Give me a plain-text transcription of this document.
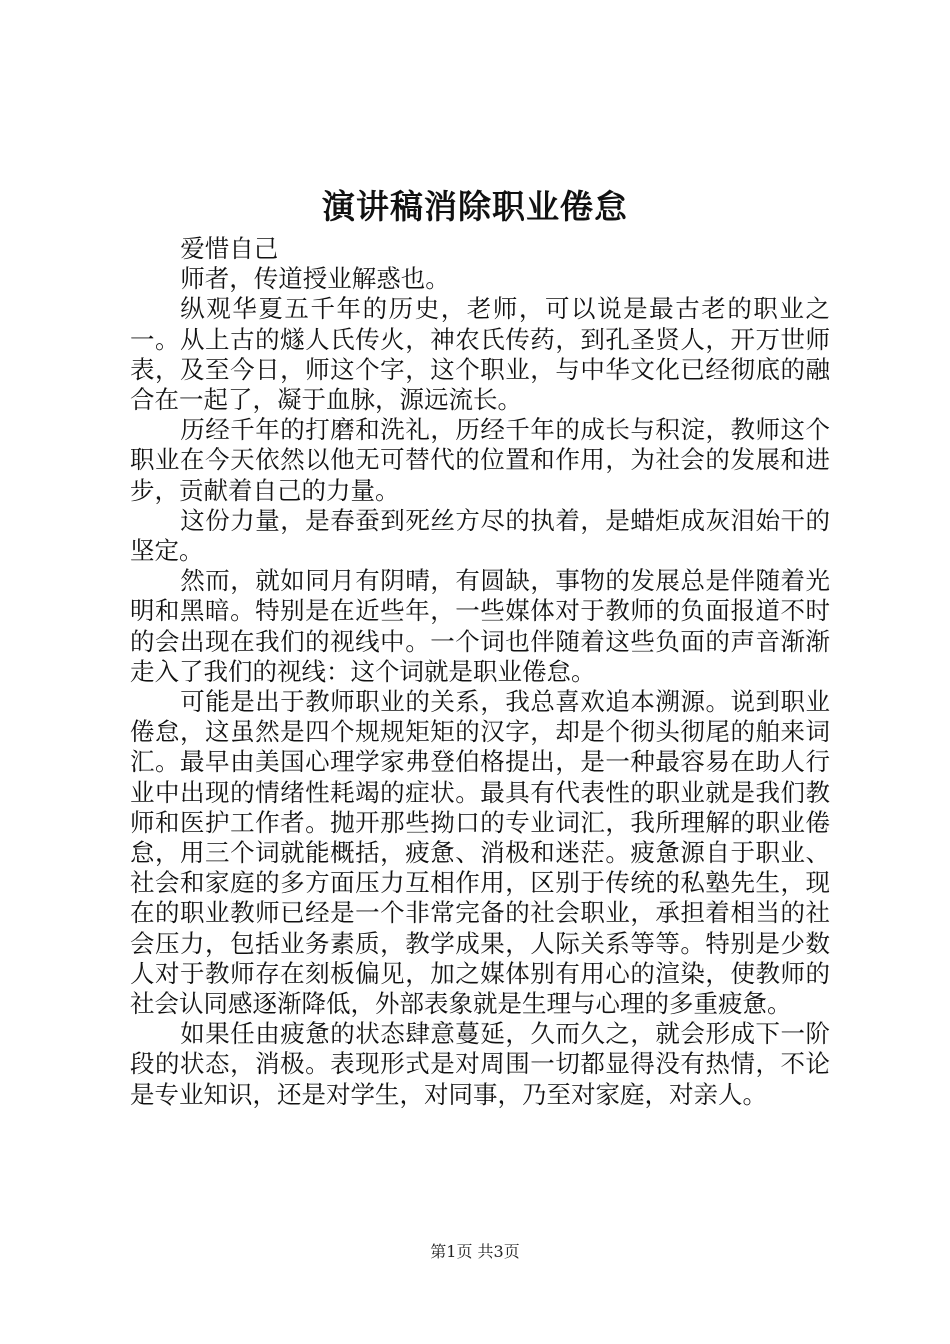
演讲稿消除职业倦怠

爱惜自己

师者，传道授业解惑也。

纵观华夏五千年的历史，老师，可以说是最古老的职业之一。从上古的燧人氏传火，神农氏传药，到孔圣贤人，开万世师表，及至今日，师这个字，这个职业，与中华文化已经彻底的融合在一起了，凝于血脉，源远流长。

历经千年的打磨和洗礼，历经千年的成长与积淀，教师这个职业在今天依然以他无可替代的位置和作用，为社会的发展和进步，贡献着自己的力量。

这份力量，是春蚕到死丝方尽的执着，是蜡炬成灰泪始干的坚定。

然而，就如同月有阴晴，有圆缺，事物的发展总是伴随着光明和黑暗。特别是在近些年，一些媒体对于教师的负面报道不时的会出现在我们的视线中。一个词也伴随着这些负面的声音渐渐走入了我们的视线：这个词就是职业倦怠。

可能是出于教师职业的关系，我总喜欢追本溯源。说到职业倦怠，这虽然是四个规规矩矩的汉字，却是个彻头彻尾的舶来词汇。最早由美国心理学家弗登伯格提出，是一种最容易在助人行业中出现的情绪性耗竭的症状。最具有代表性的职业就是我们教师和医护工作者。抛开那些拗口的专业词汇，我所理解的职业倦怠，用三个词就能概括，疲惫、消极和迷茫。疲惫源自于职业、社会和家庭的多方面压力互相作用，区别于传统的私塾先生，现在的职业教师已经是一个非常完备的社会职业，承担着相当的社会压力，包括业务素质，教学成果，人际关系等等。特别是少数人对于教师存在刻板偏见，加之媒体别有用心的渲染，使教师的社会认同感逐渐降低，外部表象就是生理与心理的多重疲惫。

如果任由疲惫的状态肆意蔓延，久而久之，就会形成下一阶段的状态，消极。表现形式是对周围一切都显得没有热情，不论是专业知识，还是对学生，对同事，乃至对家庭，对亲人。

第1页 共3页
